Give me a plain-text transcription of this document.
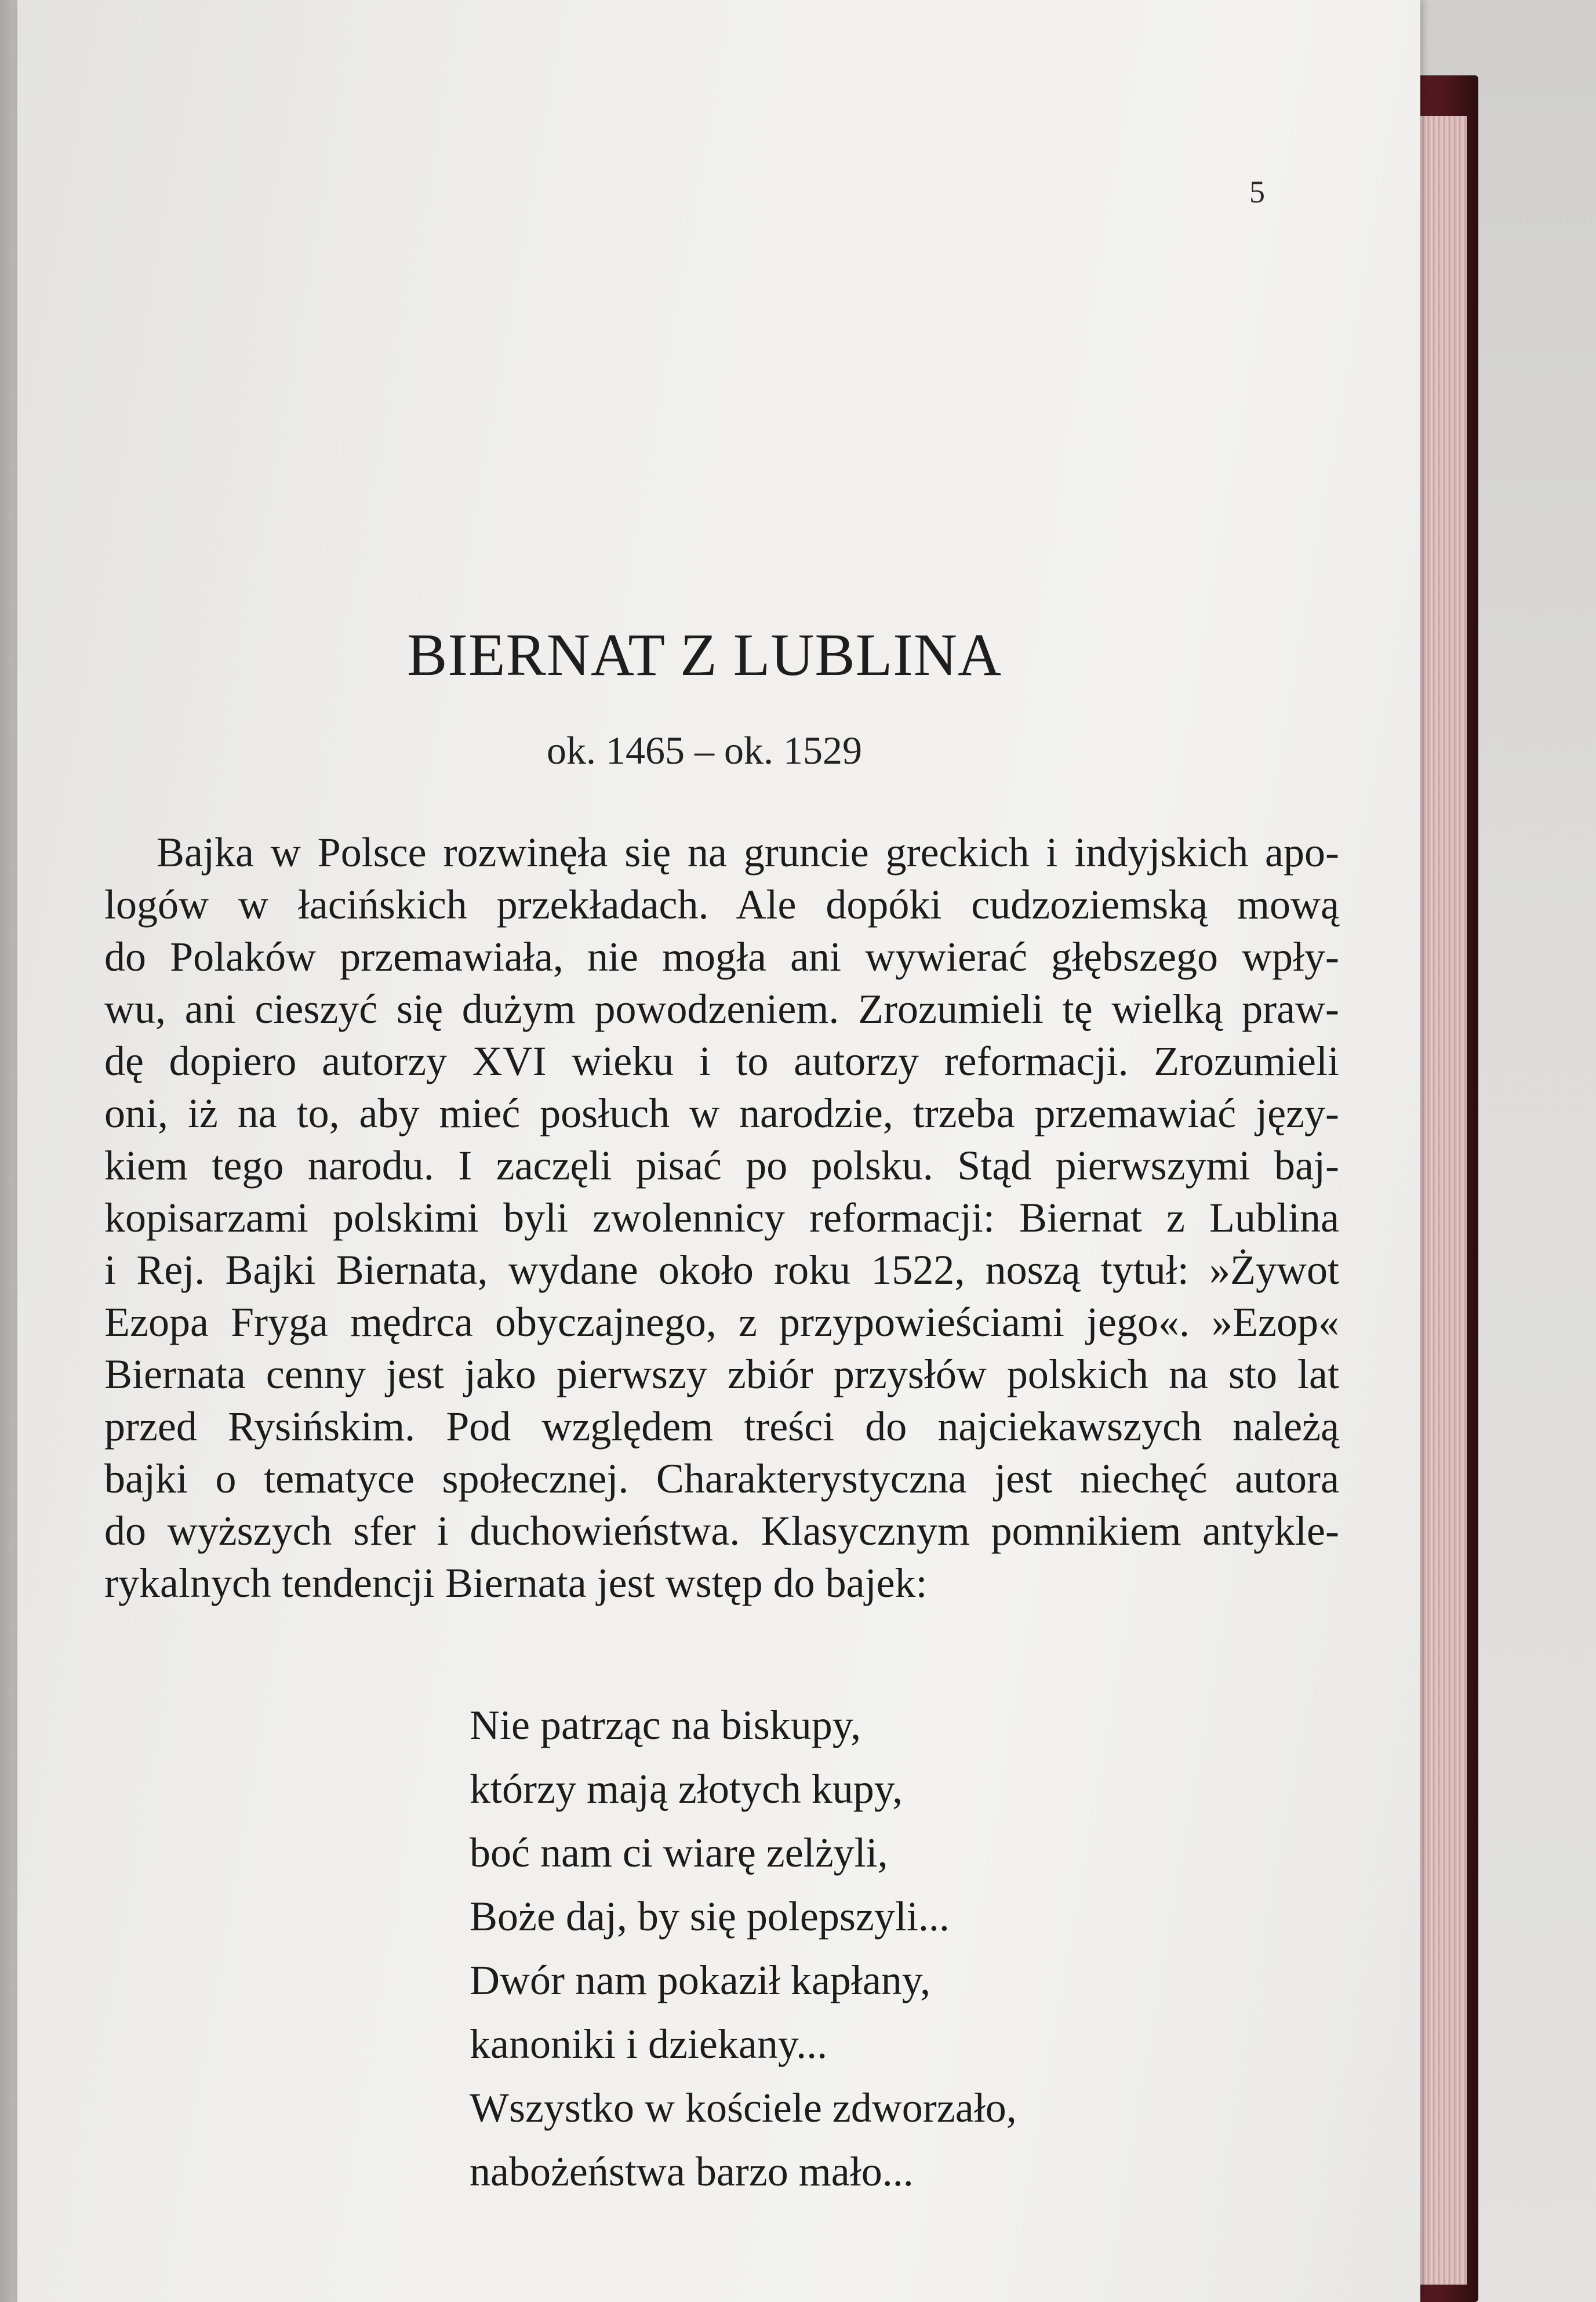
5
BIERNAT Z LUBLINA
ok. 1465 – ok. 1529
Bajka w Polsce rozwinęła się na gruncie greckich i indyjskich apo-
logów w łacińskich przekładach. Ale dopóki cudzoziemską mową
do Polaków przemawiała, nie mogła ani wywierać głębszego wpły-
wu, ani cieszyć się dużym powodzeniem. Zrozumieli tę wielką praw-
dę dopiero autorzy XVI wieku i to autorzy reformacji. Zrozumieli
oni, iż na to, aby mieć posłuch w narodzie, trzeba przemawiać języ-
kiem tego narodu. I zaczęli pisać po polsku. Stąd pierwszymi baj-
kopisarzami polskimi byli zwolennicy reformacji: Biernat z Lublina
i Rej. Bajki Biernata, wydane około roku 1522, noszą tytuł: »Żywot
Ezopa Fryga mędrca obyczajnego, z przypowieściami jego«. »Ezop«
Biernata cenny jest jako pierwszy zbiór przysłów polskich na sto lat
przed Rysińskim. Pod względem treści do najciekawszych należą
bajki o tematyce społecznej. Charakterystyczna jest niechęć autora
do wyższych sfer i duchowieństwa. Klasycznym pomnikiem antykle-
rykalnych tendencji Biernata jest wstęp do bajek:
Nie patrząc na biskupy,
którzy mają złotych kupy,
boć nam ci wiarę zelżyli,
Boże daj, by się polepszyli...
Dwór nam pokaził kapłany,
kanoniki i dziekany...
Wszystko w kościele zdworzało,
nabożeństwa barzo mało...
